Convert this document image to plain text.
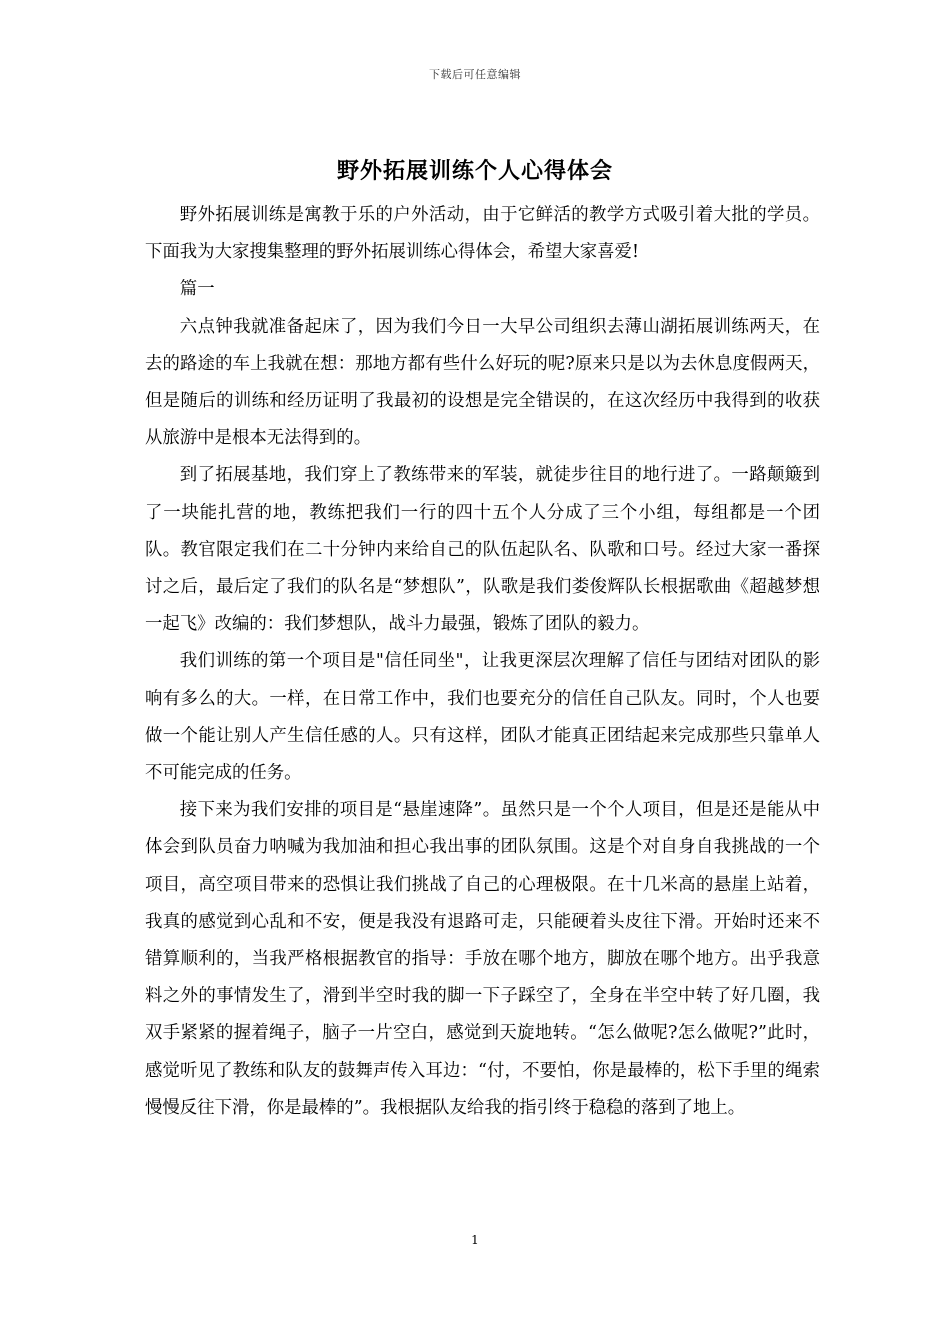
下载后可任意编辑
野外拓展训练个人心得体会

野外拓展训练是寓教于乐的户外活动，由于它鲜活的教学方式吸引着大批的学员。下面我为大家搜集整理的野外拓展训练心得体会，希望大家喜爱!

篇一

六点钟我就准备起床了，因为我们今日一大早公司组织去薄山湖拓展训练两天，在去的路途的车上我就在想：那地方都有些什么好玩的呢?原来只是以为去休息度假两天，但是随后的训练和经历证明了我最初的设想是完全错误的，在这次经历中我得到的收获从旅游中是根本无法得到的。

到了拓展基地，我们穿上了教练带来的军装，就徒步往目的地行进了。一路颠簸到了一块能扎营的地，教练把我们一行的四十五个人分成了三个小组，每组都是一个团队。教官限定我们在二十分钟内来给自己的队伍起队名、队歌和口号。经过大家一番探讨之后，最后定了我们的队名是“梦想队”，队歌是我们娄俊辉队长根据歌曲《超越梦想一起飞》改编的：我们梦想队，战斗力最强，锻炼了团队的毅力。

我们训练的第一个项目是"信任同坐"，让我更深层次理解了信任与团结对团队的影响有多么的大。一样，在日常工作中，我们也要充分的信任自己队友。同时，个人也要做一个能让别人产生信任感的人。只有这样，团队才能真正团结起来完成那些只靠单人不可能完成的任务。

接下来为我们安排的项目是“悬崖速降”。虽然只是一个个人项目，但是还是能从中体会到队员奋力呐喊为我加油和担心我出事的团队氛围。这是个对自身自我挑战的一个项目，高空项目带来的恐惧让我们挑战了自己的心理极限。在十几米高的悬崖上站着，我真的感觉到心乱和不安，便是我没有退路可走，只能硬着头皮往下滑。开始时还来不错算顺利的，当我严格根据教官的指导：手放在哪个地方，脚放在哪个地方。出乎我意料之外的事情发生了，滑到半空时我的脚一下子踩空了，全身在半空中转了好几圈，我双手紧紧的握着绳子，脑子一片空白，感觉到天旋地转。“怎么做呢?怎么做呢?”此时，感觉听见了教练和队友的鼓舞声传入耳边：“付，不要怕，你是最棒的，松下手里的绳索慢慢反往下滑，你是最棒的”。我根据队友给我的指引终于稳稳的落到了地上。

1
